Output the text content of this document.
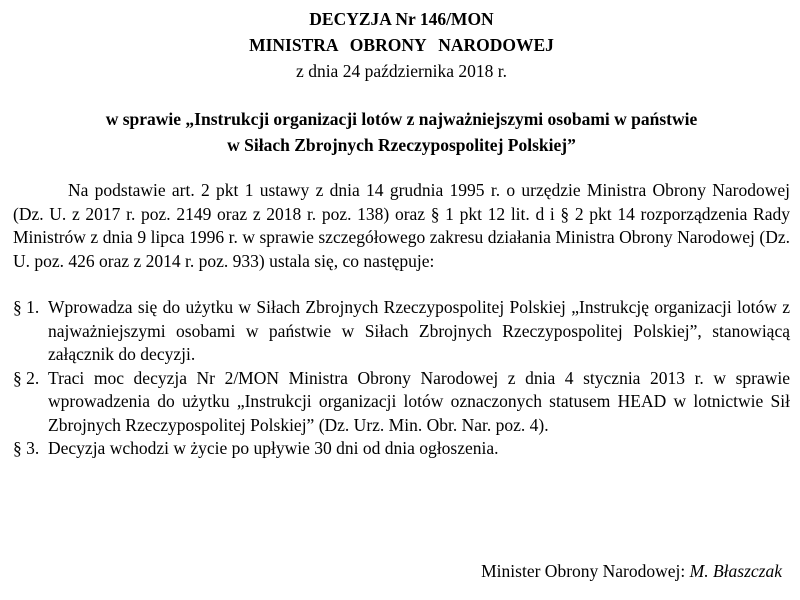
DECYZJA Nr 146/MON
MINISTRA OBRONY NARODOWEJ
z dnia 24 października 2018 r.
w sprawie „Instrukcji organizacji lotów z najważniejszymi osobami w państwie
w Siłach Zbrojnych Rzeczypospolitej Polskiej”

Na podstawie art. 2 pkt 1 ustawy z dnia 14 grudnia 1995 r. o urzędzie Ministra Obrony Narodowej (Dz. U. z 2017 r. poz. 2149 oraz z 2018 r. poz. 138) oraz § 1 pkt 12 lit. d i § 2 pkt 14 rozporządzenia Rady Ministrów z dnia 9 lipca 1996 r. w sprawie szczegółowego zakresu działania Ministra Obrony Narodowej (Dz. U. poz. 426 oraz z 2014 r. poz. 933) ustala się, co następuje:

§ 1. Wprowadza się do użytku w Siłach Zbrojnych Rzeczypospolitej Polskiej „Instrukcję organizacji lotów z najważniejszymi osobami w państwie w Siłach Zbrojnych Rzeczypospolitej Polskiej”, stanowiącą załącznik do decyzji.
§ 2. Traci moc decyzja Nr 2/MON Ministra Obrony Narodowej z dnia 4 stycznia 2013 r. w sprawie wprowadzenia do użytku „Instrukcji organizacji lotów oznaczonych statusem HEAD w lotnictwie Sił Zbrojnych Rzeczypospolitej Polskiej” (Dz. Urz. Min. Obr. Nar. poz. 4).
§ 3. Decyzja wchodzi w życie po upływie 30 dni od dnia ogłoszenia.
Minister Obrony Narodowej: M. Błaszczak
